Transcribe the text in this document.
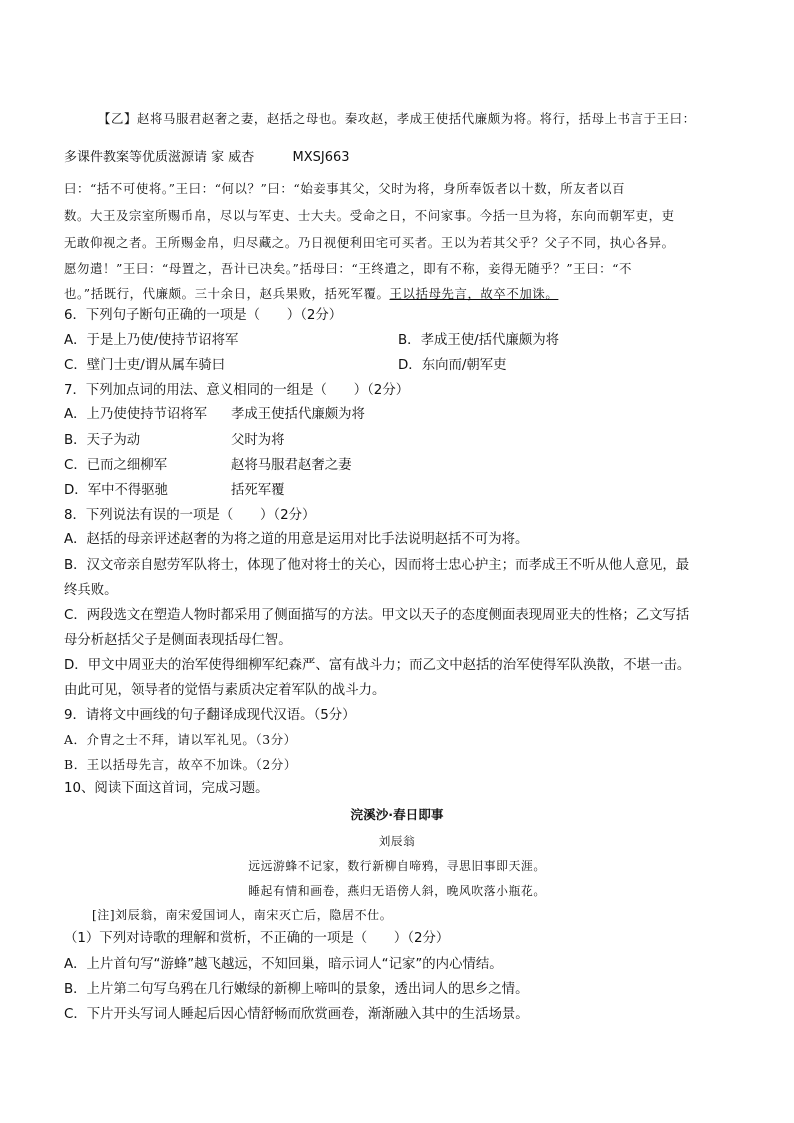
【乙】赵将马服君赵奢之妻，赵括之母也。秦攻赵，孝成王使括代廉颇为将。将行，括母上书言于王曰：
多课件教案等优质滋源请 家 威杏	MXSJ663
曰：“括不可使将。”王曰：“何以？”曰：“始妾事其父，父时为将，身所奉饭者以十数，所友者以百
数。大王及宗室所赐币帛，尽以与军吏、士大夫。受命之日，不问家事。今括一旦为将，东向而朝军吏，吏
无敢仰视之者。王所赐金帛，归尽藏之。乃日视便利田宅可买者。王以为若其父乎？父子不同，执心各异。
愿勿遣！”王曰：“母置之，吾计已决矣。”括母曰：“王终遣之，即有不称，妾得无随乎？”王曰：“不
也。”括既行，代廉颇。三十余日，赵兵果败，括死军覆。王以括母先言，故卒不加诛。
6．下列句子断句正确的一项是（　　）（2分）
A．于是上乃使/使持节诏将军	B．孝成王使/括代廉颇为将
C．壁门士吏/谓从属车骑曰	D．东向而/朝军吏
7．下列加点词的用法、意义相同的一组是（　　）（2分）
A．上乃使使持节诏将军 孝成王使括代廉颇为将
B．天子为动	父时为将
C．已而之细柳军	赵将马服君赵奢之妻
D．军中不得驱驰	括死军覆
8．下列说法有误的一项是（　　）（2分）
A．赵括的母亲评述赵奢的为将之道的用意是运用对比手法说明赵括不可为将。
B．汉文帝亲自慰劳军队将士，体现了他对将士的关心，因而将士忠心护主；而孝成王不听从他人意见，最
终兵败。
C．两段选文在塑造人物时都采用了侧面描写的方法。甲文以天子的态度侧面表现周亚夫的性格；乙文写括
母分析赵括父子是侧面表现括母仁智。
D．甲文中周亚夫的治军使得细柳军纪森严、富有战斗力；而乙文中赵括的治军使得军队涣散，不堪一击。
由此可见，领导者的觉悟与素质决定着军队的战斗力。
9．请将文中画线的句子翻译成现代汉语。（5分）
A．介胄之士不拜，请以军礼见。（3分）
B．王以括母先言，故卒不加诛。（2分）
10、阅读下面这首词，完成习题。
浣溪沙·春日即事
刘辰翁
远远游蜂不记家，数行新柳自啼鸦，寻思旧事即天涯。
睡起有情和画卷，燕归无语傍人斜，晚风吹落小瓶花。
[注]刘辰翁，南宋爱国词人，南宋灭亡后，隐居不仕。
（1）下列对诗歌的理解和赏析，不正确的一项是（　　）（2分）
A．上片首句写“游蜂”越飞越远，不知回巢，暗示词人“记家”的内心情结。
B．上片第二句写乌鸦在几行嫩绿的新柳上啼叫的景象，透出词人的思乡之情。
C．下片开头写词人睡起后因心情舒畅而欣赏画卷，渐渐融入其中的生活场景。
